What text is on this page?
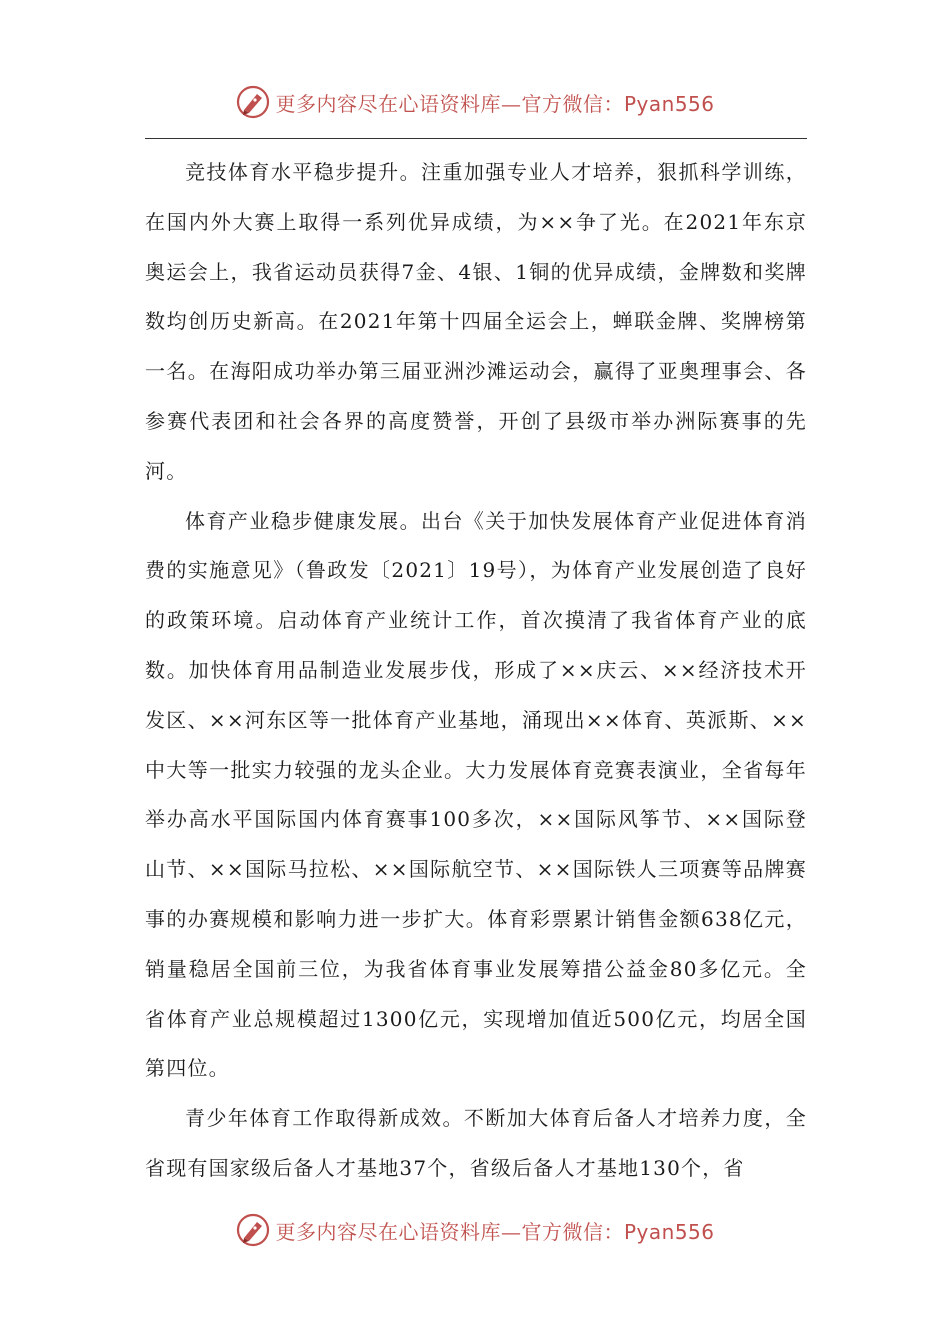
更多内容尽在心语资料库—官方微信：Pyan556

竞技体育水平稳步提升。注重加强专业人才培养，狠抓科学训练，在国内外大赛上取得一系列优异成绩，为××争了光。在2021年东京奥运会上，我省运动员获得7金、4银、1铜的优异成绩，金牌数和奖牌数均创历史新高。在2021年第十四届全运会上，蝉联金牌、奖牌榜第一名。在海阳成功举办第三届亚洲沙滩运动会，赢得了亚奥理事会、各参赛代表团和社会各界的高度赞誉，开创了县级市举办洲际赛事的先河。

体育产业稳步健康发展。出台《关于加快发展体育产业促进体育消费的实施意见》（鲁政发〔2021〕19号），为体育产业发展创造了良好的政策环境。启动体育产业统计工作，首次摸清了我省体育产业的底数。加快体育用品制造业发展步伐，形成了××庆云、××经济技术开发区、××河东区等一批体育产业基地，涌现出××体育、英派斯、××中大等一批实力较强的龙头企业。大力发展体育竞赛表演业，全省每年举办高水平国际国内体育赛事100多次，××国际风筝节、××国际登山节、××国际马拉松、××国际航空节、××国际铁人三项赛等品牌赛事的办赛规模和影响力进一步扩大。体育彩票累计销售金额638亿元，销量稳居全国前三位，为我省体育事业发展筹措公益金80多亿元。全省体育产业总规模超过1300亿元，实现增加值近500亿元，均居全国第四位。

青少年体育工作取得新成效。不断加大体育后备人才培养力度，全省现有国家级后备人才基地37个，省级后备人才基地130个，省

更多内容尽在心语资料库—官方微信：Pyan556
